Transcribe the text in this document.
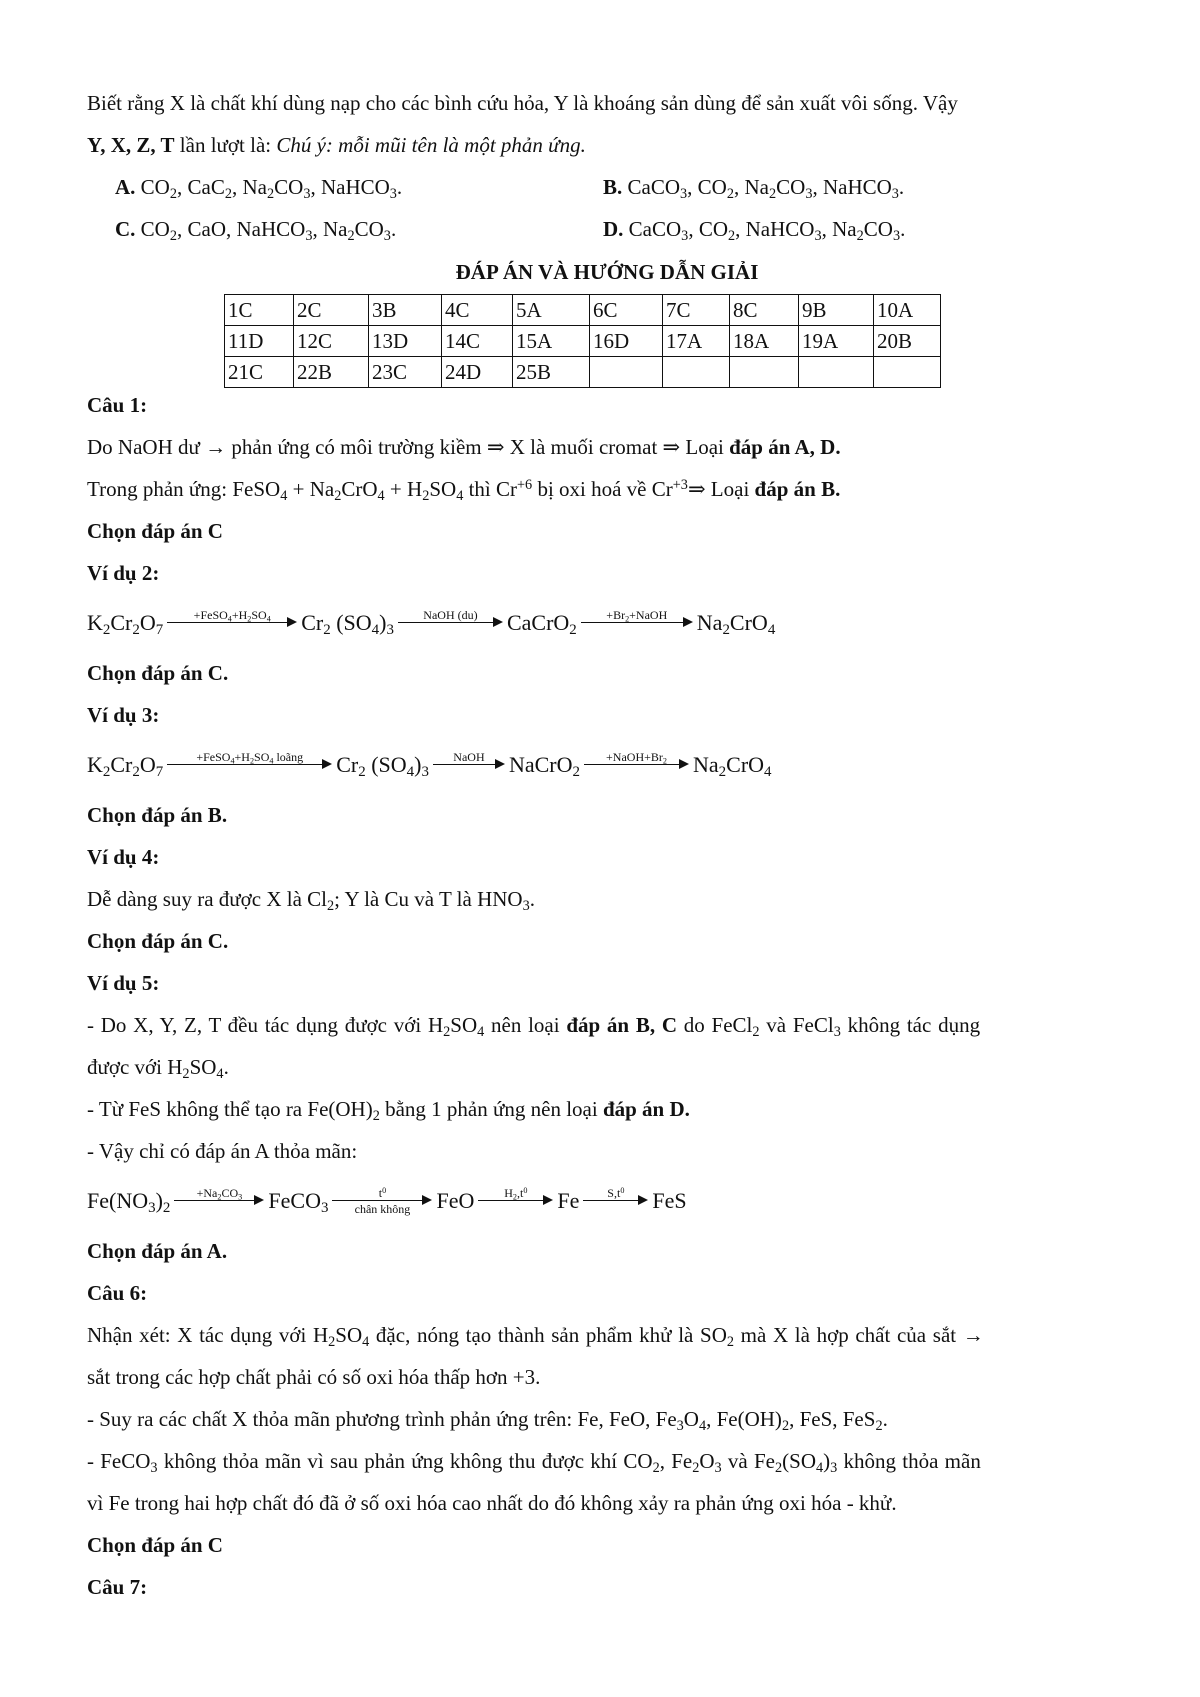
Biết rằng X là chất khí dùng nạp cho các bình cứu hỏa, Y là khoáng sản dùng để sản xuất vôi sống. Vậy

Y, X, Z, T lần lượt là: Chú ý: mỗi mũi tên là một phản ứng.

A. $CO_2$, CaC$_2$, $Na_2CO_3$, NaHCO$_3$.	B. CaCO$_3$, $CO_2$, $Na_2CO_3$, NaHCO$_3$.
C. $CO_2$, CaO, NaHCO$_3$, $Na_2CO_3$.	D. CaCO$_3$, $CO_2$, NaHCO$_3$, $Na_2CO_3$.
ĐÁP ÁN VÀ HƯỚNG DẪN GIẢI
1C	2C	3B	4C	5A	6C	7C	8C	9B	10A
11D	12C	13D	14C	15A	16D	17A	18A	19A	20B
21C	22B	23C	24D	25B					

Câu 1:

Do NaOH dư → phản ứng có môi trường kiềm ⇒ X là muối cromat ⇒ Loại đáp án A, D.

Trong phản ứng: FeSO$_4$ + $Na_2CrO_4 + H_2SO_4$ thì $Cr^{+6}$ bị oxi hoá về $Cr^{+3}\Rightarrow$ Loại đáp án B.

Chọn đáp án C

Ví dụ 2:

$K_2Cr_2O_7$
$+FeSO_4+H_2SO_4$ $Cr_2$ $(SO_4)_3$
NaOH (du) CaCrO$_2$
$+Br_2+NaOH$ $Na_2CrO_4$

Chọn đáp án C.

Ví dụ 3:

$K_2Cr_2O_7$
$+FeSO_4+H_2SO_4$ loãng $Cr_2$ $(SO_4)_3$
NaOH NaCrO$_2$
$+NaOH+Br_2$ $Na_2CrO_4$

Chọn đáp án B.

Ví dụ 4:

Dễ dàng suy ra được X là $Cl_2$; Y là Cu và T là $HNO_3$.

Chọn đáp án C.

Ví dụ 5:

- Do X, Y, Z, T đều tác dụng được với $H_2SO_4$ nên loại đáp án B, C do FeCl$_2$ và FeCl$_3$ không tác dụng

được với $H_2SO_4$.

- Từ FeS không thể tạo ra $Fe(OH)_2$ bằng 1 phản ứng nên loại đáp án D.

- Vậy chỉ có đáp án A thỏa mãn:

$Fe(NO_3)_2$
$+Na_2CO_3$ FeCO$_3$
$t^0$
chân không FeO	$H_2,t^0$ Fe	$S,t^0$ FeS

Chọn đáp án A.

Câu 6:

Nhận xét: X tác dụng với $H_2SO_4$ đặc, nóng tạo thành sản phẩm khử là $SO_2$ mà X là hợp chất của sắt →

sắt trong các hợp chất phải có số oxi hóa thấp hơn +3.

- Suy ra các chất X thỏa mãn phương trình phản ứng trên: Fe, FeO, $Fe_3O_4$, $Fe(OH)_2$, FeS, FeS$_2$.

- FeCO$_3$ không thỏa mãn vì sau phản ứng không thu được khí $CO_2$, $Fe_2O_3$ và $Fe_2(SO_4)_3$ không thỏa mãn

vì Fe trong hai hợp chất đó đã ở số oxi hóa cao nhất do đó không xảy ra phản ứng oxi hóa - khử.

Chọn đáp án C

Câu 7:
